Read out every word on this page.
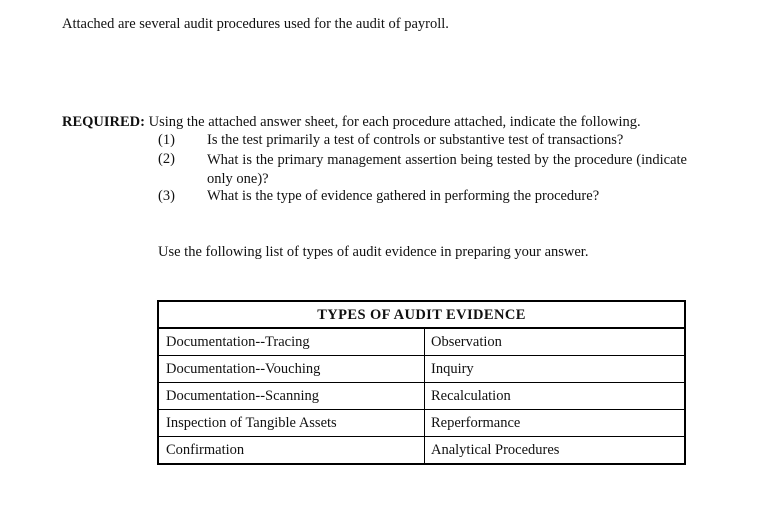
Attached are several audit procedures used for the audit of payroll.
REQUIRED: Using the attached answer sheet, for each procedure attached, indicate the following.
(1) Is the test primarily a test of controls or substantive test of transactions?
(2) What is the primary management assertion being tested by the procedure (indicate only one)?
(3) What is the type of evidence gathered in performing the procedure?
Use the following list of types of audit evidence in preparing your answer.
TYPES OF AUDIT EVIDENCE
Documentation--Tracing	Observation
Documentation--Vouching	Inquiry
Documentation--Scanning	Recalculation
Inspection of Tangible Assets	Reperformance
Confirmation	Analytical Procedures
